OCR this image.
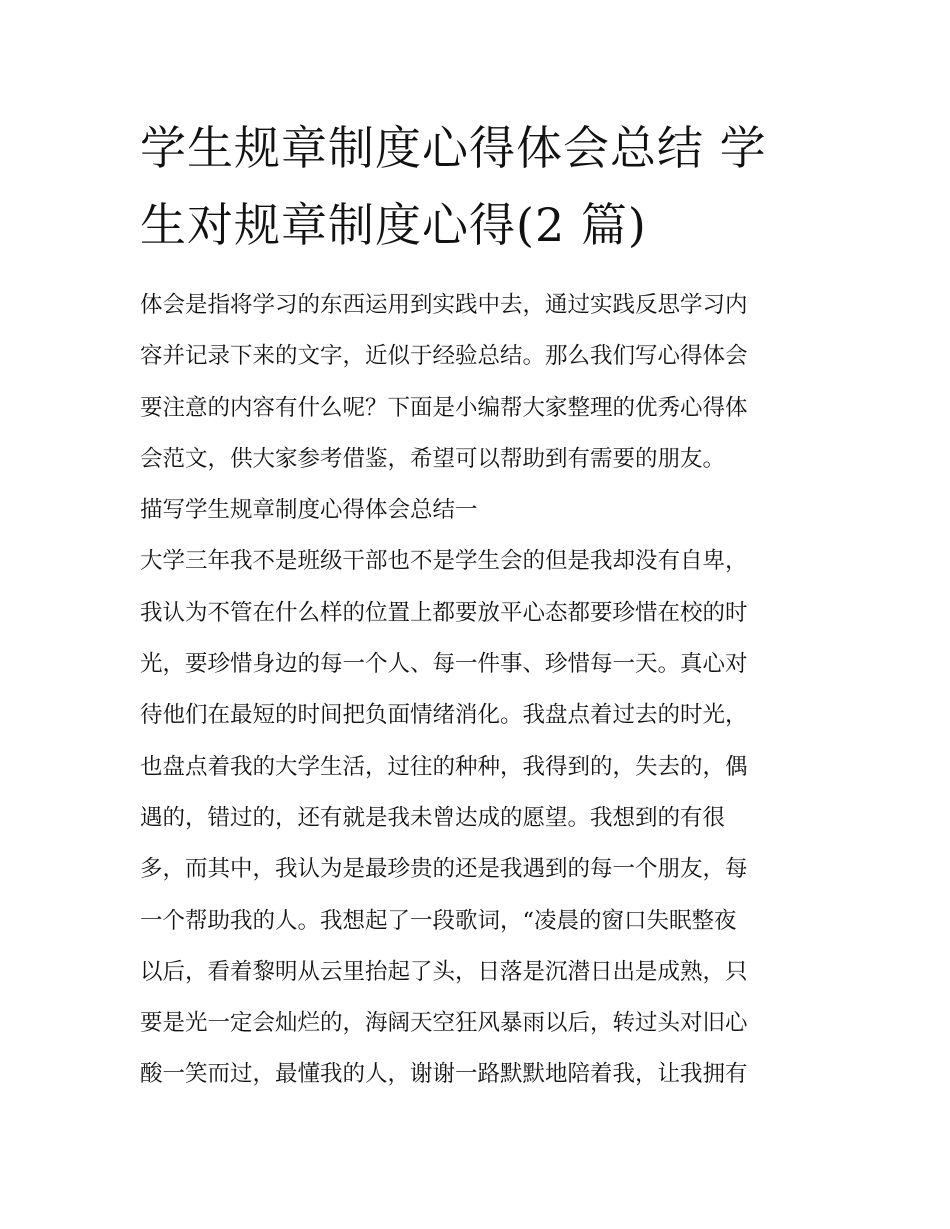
学生规章制度心得体会总结 学
生对规章制度心得(2 篇)
体会是指将学习的东西运用到实践中去，通过实践反思学习内
容并记录下来的文字，近似于经验总结。那么我们写心得体会
要注意的内容有什么呢？下面是小编帮大家整理的优秀心得体
会范文，供大家参考借鉴，希望可以帮助到有需要的朋友。
描写学生规章制度心得体会总结一
大学三年我不是班级干部也不是学生会的但是我却没有自卑，
我认为不管在什么样的位置上都要放平心态都要珍惜在校的时
光，要珍惜身边的每一个人、每一件事、珍惜每一天。真心对
待他们在最短的时间把负面情绪消化。我盘点着过去的时光，
也盘点着我的大学生活，过往的种种，我得到的，失去的，偶
遇的，错过的，还有就是我未曾达成的愿望。我想到的有很
多，而其中，我认为是最珍贵的还是我遇到的每一个朋友，每
一个帮助我的人。我想起了一段歌词，“凌晨的窗口失眠整夜
以后，看着黎明从云里抬起了头，日落是沉潜日出是成熟，只
要是光一定会灿烂的，海阔天空狂风暴雨以后，转过头对旧心
酸一笑而过，最懂我的人，谢谢一路默默地陪着我，让我拥有
